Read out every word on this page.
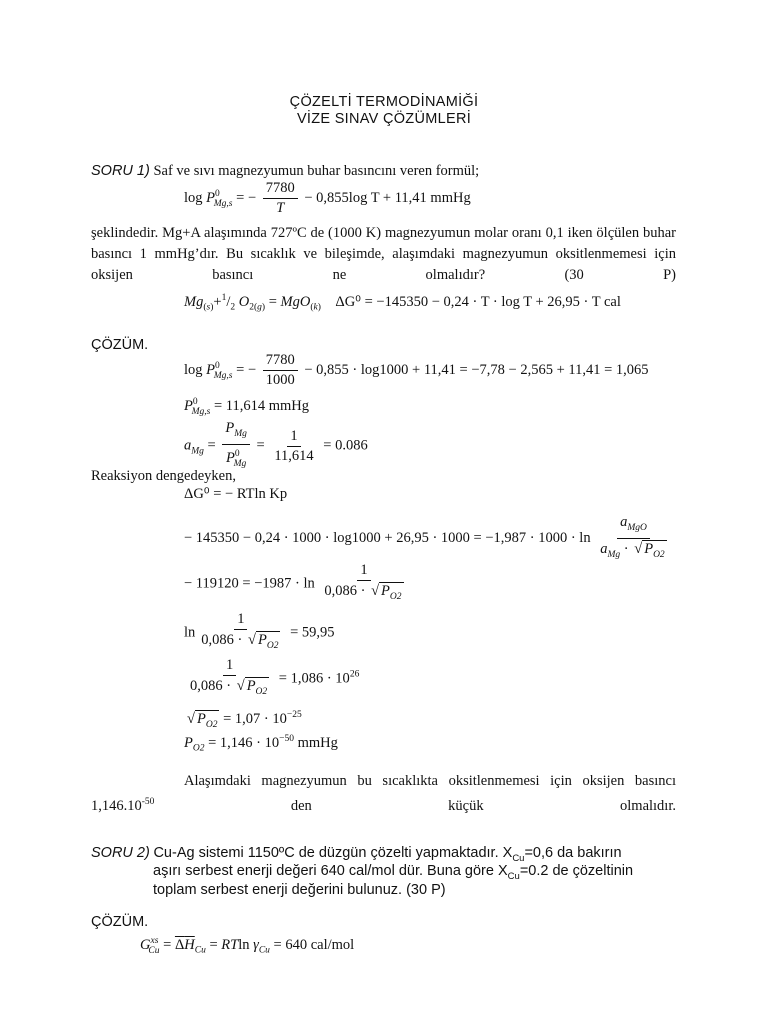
ÇÖZELTİ TERMODİNAMİĞİ
VİZE SINAV ÇÖZÜMLERİ
SORU 1) Saf ve sıvı magnezyumun buhar basıncını veren formül;
$\log P^0_{Mg,s}$ = − $\frac{7780}{T} - 0,855\log$ T + 11,41 mmHg
şeklindedir. Mg+A alaşımında 727ºC de (1000 K) magnezyumun molar oranı 0,1 iken ölçülen buhar basıncı 1 mmHg’dır. Bu sıcaklık ve bileşimde, alaşımdaki magnezyumun oksitlenmemesi için oksijen basıncı ne olmalıdır? (30 P)
$Mg_{(s)}+^1/_2$ $O_{2(g)} = MgO_{(k)}$ ΔG⁰ = −145350 − 0,24 · T · log T + 26,95 · T cal
ÇÖZÜM.
$\log P^0_{Mg,s}$ = − $\frac{7780}{1000} - 0,855 \cdot \log 1000 + 11,41 = -7,78 - 2,565 + 11,41 = 1,065$
$P^0_{Mg,s} = 11,614$ mmHg
$a_{Mg} = \frac{P_{Mg}}{P^0_{Mg}} = \frac{1}{11,614} = 0.086$
Reaksiyon dengedeyken,
ΔG⁰ = − RTln Kp
− $145350 - 0,24 \cdot 1000 \cdot \log 1000 + 26,95 \cdot 1000 = -1,987 \cdot 1000 \cdot \ln \frac{a_{MgO}}{a_{Mg} \cdot √ P_{O2}}$
− $119120 = -1987 \cdot \ln \frac{1}{0,086 \cdot √ P_{O2}}$
$\ln \frac{1}{0,086 \cdot √ P_{O2}} = 59,95$
$\frac{1}{0,086 \cdot √ P_{O2}} = 1,086 \cdot 10^{26}$
√ $P_{O2} = 1,07 \cdot 10^{-25}$
$P_{O2} = 1,146 \cdot 10^{-50}$ mmHg
Alaşımdaki magnezyumun bu sıcaklıkta oksitlenmemesi için oksijen basıncı $1,146.10^{-50}$ den küçük olmalıdır.
SORU 2) Cu-Ag sistemi 1150ºC de düzgün çözelti yapmaktadır. $X_{Cu}=0,6$ da bakırın
aşırı serbest enerji değeri 640 cal/mol dür. Buna göre $X_{Cu}=0.2$ de çözeltinin
toplam serbest enerji değerini bulunuz. (30 P)
ÇÖZÜM.
$G^{xs}_{Cu} = \Delta H_{Cu} = RTln$ $\gamma_{Cu} = 640$ cal/mol
